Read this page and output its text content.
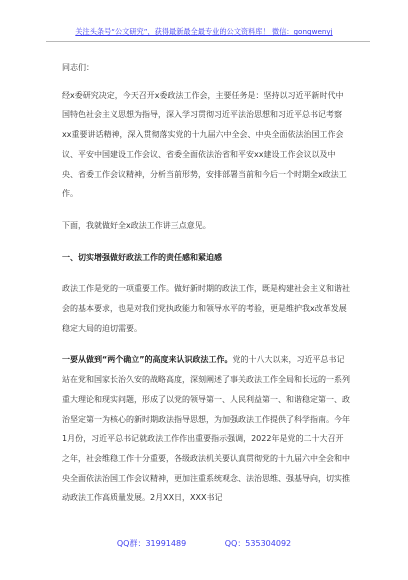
关注头条号“公文研究”，获得最新最全最专业的公文资料库！ 微信：gongwenyj

同志们：

经x委研究决定，今天召开x委政法工作会，主要任务是：坚持以习近平新时代中国特色社会主义思想为指导，深入学习贯彻习近平法治思想和习近平总书记考察xx重要讲话精神，深入贯彻落实党的十九届六中全会、中央全面依法治国工作会议、平安中国建设工作会议、省委全面依法治省和平安xx建设工作会议以及中央、省委工作会议精神，分析当前形势，安排部署当前和今后一个时期全x政法工作。

下面，我就做好全x政法工作讲三点意见。

一、切实增强做好政法工作的责任感和紧迫感

政法工作是党的一项重要工作。做好新时期的政法工作，既是构建社会主义和谐社会的基本要求，也是对我们党执政能力和领导水平的考验，更是维护我x改革发展稳定大局的迫切需要。

一要从做到“两个确立”的高度来认识政法工作。党的十八大以来，习近平总书记站在党和国家长治久安的战略高度，深刻阐述了事关政法工作全局和长远的一系列重大理论和现实问题，形成了以党的领导第一、人民利益第一、和谐稳定第一、政治坚定第一为核心的新时期政法指导思想，为加强政法工作提供了科学指南。今年1月份，习近平总书记就政法工作作出重要指示强调，2022年是党的二十大召开之年，社会维稳工作十分重要，各级政法机关要认真贯彻党的十九届六中全会和中央全面依法治国工作会议精神，更加注重系统观念、法治思维、强基导向，切实推动政法工作高质量发展。2月XX日，XXX书记

QQ群：31991489	QQ：535304092
